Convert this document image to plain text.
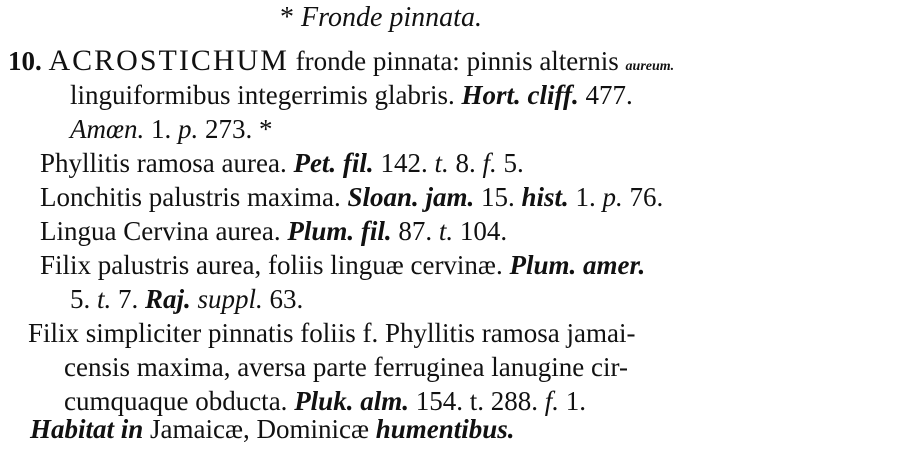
* Fronde pinnata.
10. ACROSTICHUM fronde pinnata: pinnis alternis aureum.
linguiformibus integerrimis glabris. Hort. cliff. 477.
Amœn. 1. p. 273. *
Phyllitis ramosa aurea. Pet. fil. 142. t. 8. f. 5.
Lonchitis palustris maxima. Sloan. jam. 15. hist. 1. p. 76.
Lingua Cervina aurea. Plum. fil. 87. t. 104.
Filix palustris aurea, foliis linguæ cervinæ. Plum. amer.
5. t. 7. Raj. suppl. 63.
Filix simpliciter pinnatis foliis f. Phyllitis ramosa jamai-
censis maxima, aversa parte ferruginea lanugine cir-
cumquaque obducta. Pluk. alm. 154. t. 288. f. 1.
Habitat in Jamaicæ, Dominicæ humentibus.
